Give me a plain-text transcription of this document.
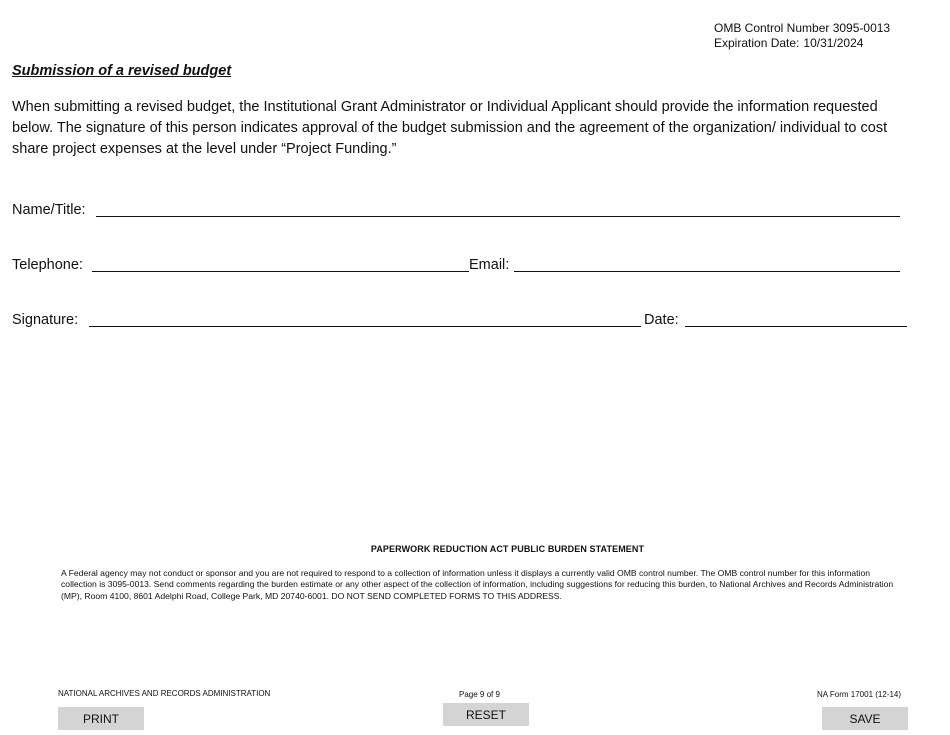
OMB Control Number 3095-0013
Expiration Date: 10/31/2024
Submission of a revised budget
When submitting a revised budget, the Institutional Grant Administrator or Individual Applicant should provide the information requested below. The signature of this person indicates approval of the budget submission and the agreement of the organization/ individual to cost share project expenses at the level under “Project Funding.”
Name/Title:
Telephone:	Email:
Signature:	Date:
PAPERWORK REDUCTION ACT PUBLIC BURDEN STATEMENT
A Federal agency may not conduct or sponsor and you are not required to respond to a collection of information unless it displays a currently valid OMB control number. The OMB control number for this information collection is 3095-0013. Send comments regarding the burden estimate or any other aspect of the collection of information, including suggestions for reducing this burden, to National Archives and Records Administration (MP), Room 4100, 8601 Adelphi Road, College Park, MD 20740-6001. DO NOT SEND COMPLETED FORMS TO THIS ADDRESS.
NATIONAL ARCHIVES AND RECORDS ADMINISTRATION	Page 9 of 9	NA Form 17001 (12-14)
PRINT	RESET	SAVE
